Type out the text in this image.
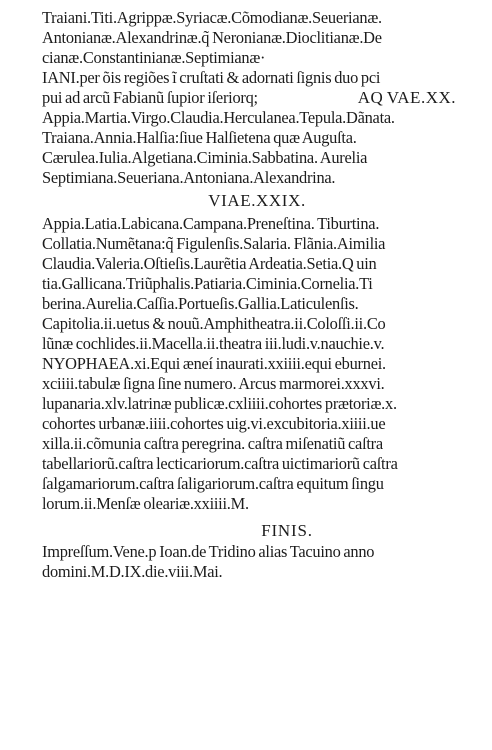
Traiani.Titi.Agrippæ.Syriacæ.Cõmodianæ.Seuerianæ.
Antonianæ.Alexandrinæ.q̃ Neronianæ.Dioclitianæ.De
cianæ.Constantinianæ.Septimianæ·
IANI.per õis regiões ĩ cruſtati & adornati ſignis duo pci
pui ad arcũ Fabianũ ſupior iſeriorq;	AQ VAE.XX.
Appia.Martia.Virgo.Claudia.Herculanea.Tepula.Dãnata.
Traiana.Annia.Halſia:ſiue Halſietena quæ Auguſta.
Cærulea.Iulia.Algetiana.Ciminia.Sabbatina. Aurelia
Septimiana.Seueriana.Antoniana.Alexandrina.
VIAE.XXIX.
Appia.Latia.Labicana.Campana.Preneſtina. Tiburtina.
Collatia.Numẽtana:q̃ Figulenſis.Salaria. Flãnia.Aimilia
Claudia.Valeria.Oſtieſis.Laurẽtia Ardeatia.Setia.Q uin
tia.Gallicana.Triũphalis.Patiaria.Ciminia.Cornelia.Ti
berina.Aurelia.Caſſia.Portueſis.Gallia.Laticulenſis.
Capitolia.ii.uetus & nouũ.Amphitheatra.ii.Coloſſi.ii.Co
lũnæ cochlides.ii.Macella.ii.theatra iii.ludi.v.nauchie.v.
NYOPHAEA.xi.Equi æneí inaurati.xxiiii.equi eburnei.
xciiii.tabulæ ſigna ſine numero. Arcus marmorei.xxxvi.
lupanaria.xlv.latrinæ publicæ.cxliiii.cohortes prætoriæ.x.
cohortes urbanæ.iiii.cohortes uig.vi.excubitoria.xiiii.ue
xilla.ii.cõmunia caſtra peregrina. caſtra miſenatiũ caſtra
tabellariorũ.caſtra lecticariorum.caſtra uictimariorũ caſtra
ſalgamariorum.caſtra ſaligariorum.caſtra equitum ſingu
lorum.ii.Menſæ oleariæ.xxiiii.M.
FINIS.
Impreſſum.Vene.p Ioan.de Tridino alias Tacuino anno
domini.M.D.IX.die.viii.Mai.
